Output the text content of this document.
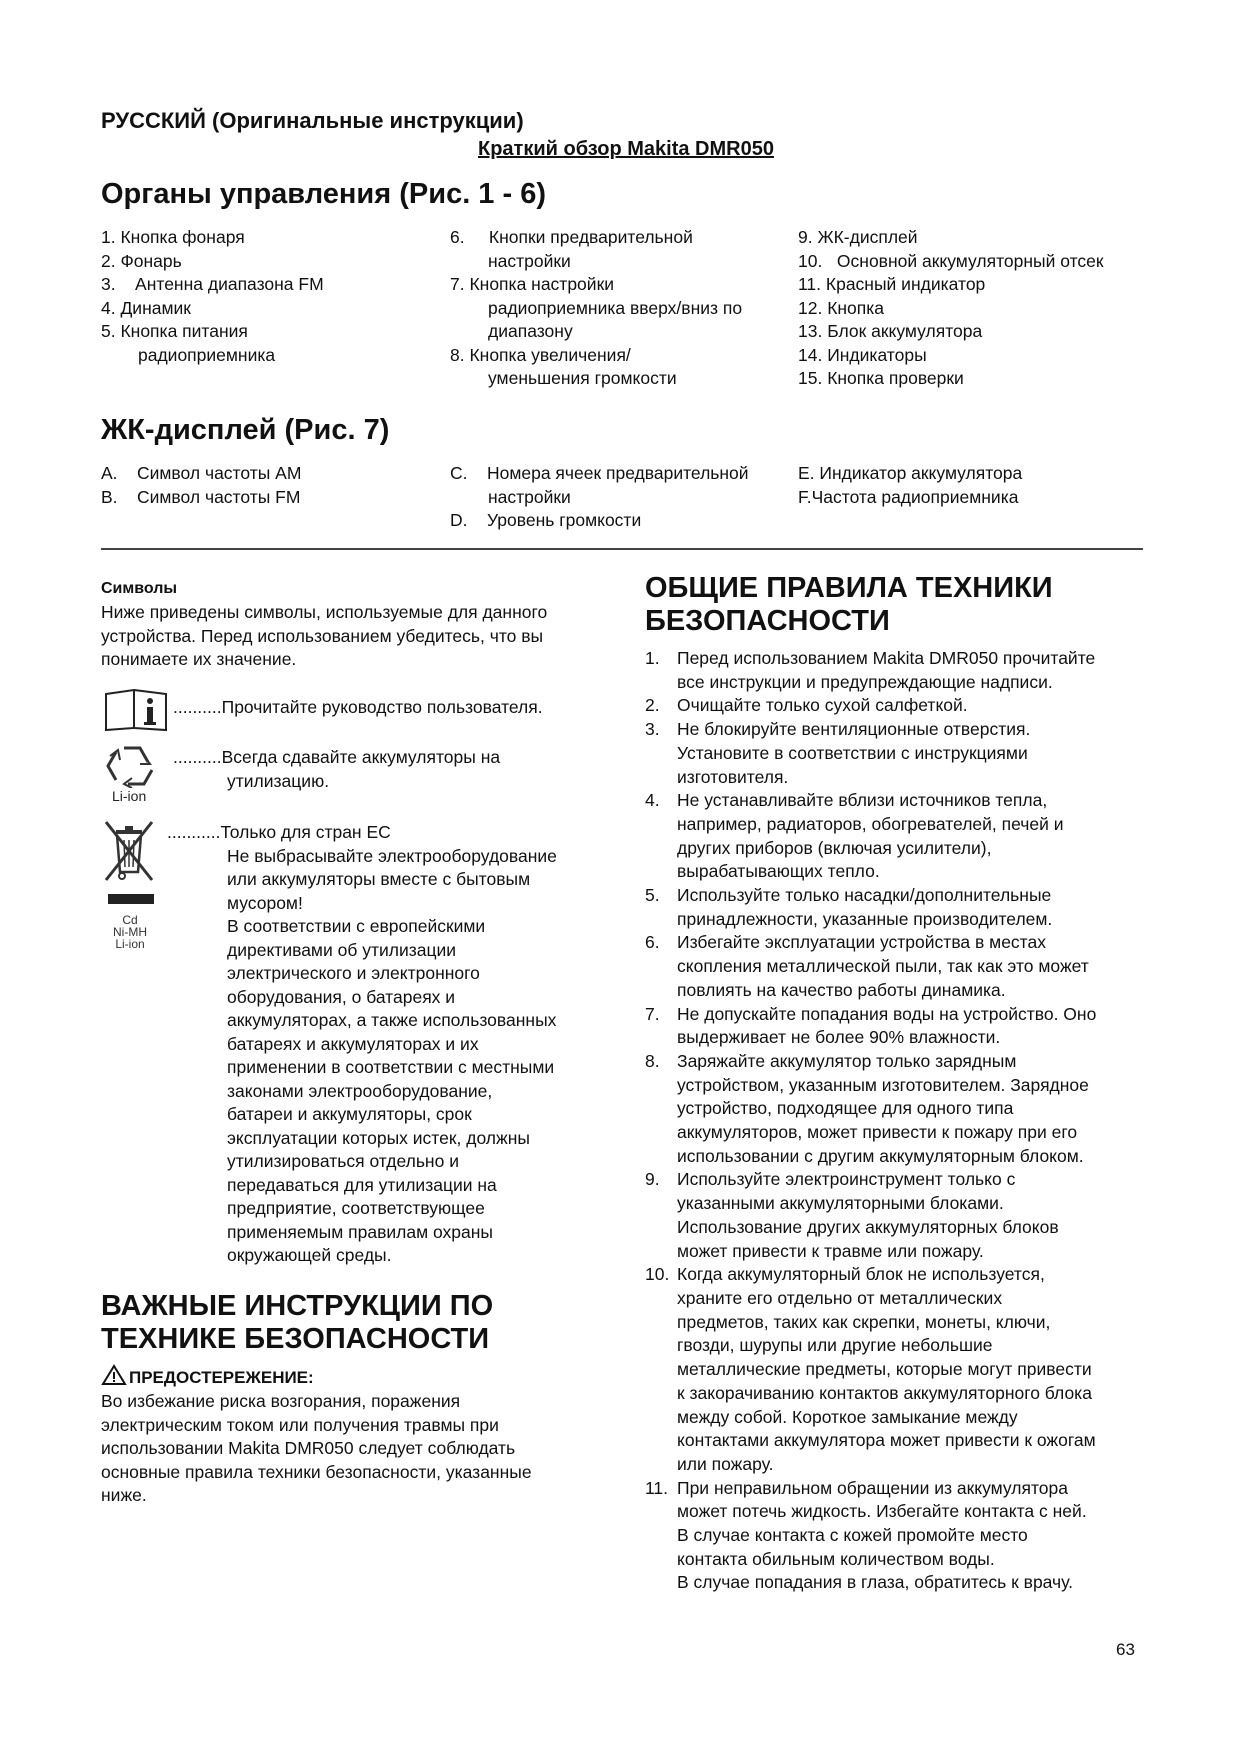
РУССКИЙ (Оригинальные инструкции)
Краткий обзор Makita DMR050
Органы управления (Рис. 1 - 6)
1. Кнопка фонаря
2. Фонарь
3.    Антенна диапазона FM
4. Динамик
5. Кнопка питания
радиоприемника
6.     Кнопки предварительной
настройки
7. Кнопка настройки
радиоприемника вверх/вниз по
диапазону
8. Кнопка увеличения/
уменьшения громкости
9. ЖК-дисплей
10.   Основной аккумуляторный отсек
11. Красный индикатор
12. Кнопка
13. Блок аккумулятора
14. Индикаторы
15. Кнопка проверки
ЖК-дисплей (Рис. 7)
A.    Символ частоты AM
B.    Символ частоты FM
C.    Номера ячеек предварительной
настройки
D.    Уровень громкости
E. Индикатор аккумулятора
F.Частота радиоприемника
Символы
Ниже приведены символы, используемые для данного
устройства. Перед использованием убедитесь, что вы
понимаете их значение.
..........Прочитайте руководство пользователя.
Li-ion
..........Всегда сдавайте аккумуляторы на
утилизацию.
Cd
Ni-MH
Li-ion
...........Только для стран ЕС
Не выбрасывайте электрооборудование
или аккумуляторы вместе с бытовым
мусором!
В соответствии с европейскими
директивами об утилизации
электрического и электронного
оборудования, о батареях и
аккумуляторах, а также использованных
батареях и аккумуляторах и их
применении в соответствии с местными
законами электрооборудование,
батареи и аккумуляторы, срок
эксплуатации которых истек, должны
утилизироваться отдельно и
передаваться для утилизации на
предприятие, соответствующее
применяемым правилам охраны
окружающей среды.
ВАЖНЫЕ ИНСТРУКЦИИ ПО
ТЕХНИКЕ БЕЗОПАСНОСТИ
ПРЕДОСТЕРЕЖЕНИЕ:
Во избежание риска возгорания, поражения
электрическим током или получения травмы при
использовании Makita DMR050 следует соблюдать
основные правила техники безопасности, указанные
ниже.
ОБЩИЕ ПРАВИЛА ТЕХНИКИ
БЕЗОПАСНОСТИ
1. Перед использованием Makita DMR050 прочитайте
все инструкции и предупреждающие надписи.
2. Очищайте только сухой салфеткой.
3. Не блокируйте вентиляционные отверстия.
Установите в соответствии с инструкциями
изготовителя.
4. Не устанавливайте вблизи источников тепла,
например, радиаторов, обогревателей, печей и
других приборов (включая усилители),
вырабатывающих тепло.
5. Используйте только насадки/дополнительные
принадлежности, указанные производителем.
6. Избегайте эксплуатации устройства в местах
скопления металлической пыли, так как это может
повлиять на качество работы динамика.
7. Не допускайте попадания воды на устройство. Оно
выдерживает не более 90% влажности.
8. Заряжайте аккумулятор только зарядным
устройством, указанным изготовителем. Зарядное
устройство, подходящее для одного типа
аккумуляторов, может привести к пожару при его
использовании с другим аккумуляторным блоком.
9. Используйте электроинструмент только с
указанными аккумуляторными блоками.
Использование других аккумуляторных блоков
может привести к травме или пожару.
10. Когда аккумуляторный блок не используется,
храните его отдельно от металлических
предметов, таких как скрепки, монеты, ключи,
гвозди, шурупы или другие небольшие
металлические предметы, которые могут привести
к закорачиванию контактов аккумуляторного блока
между собой. Короткое замыкание между
контактами аккумулятора может привести к ожогам
или пожару.
11. При неправильном обращении из аккумулятора
может потечь жидкость. Избегайте контакта с ней.
В случае контакта с кожей промойте место
контакта обильным количеством воды.
В случае попадания в глаза, обратитесь к врачу.
63
